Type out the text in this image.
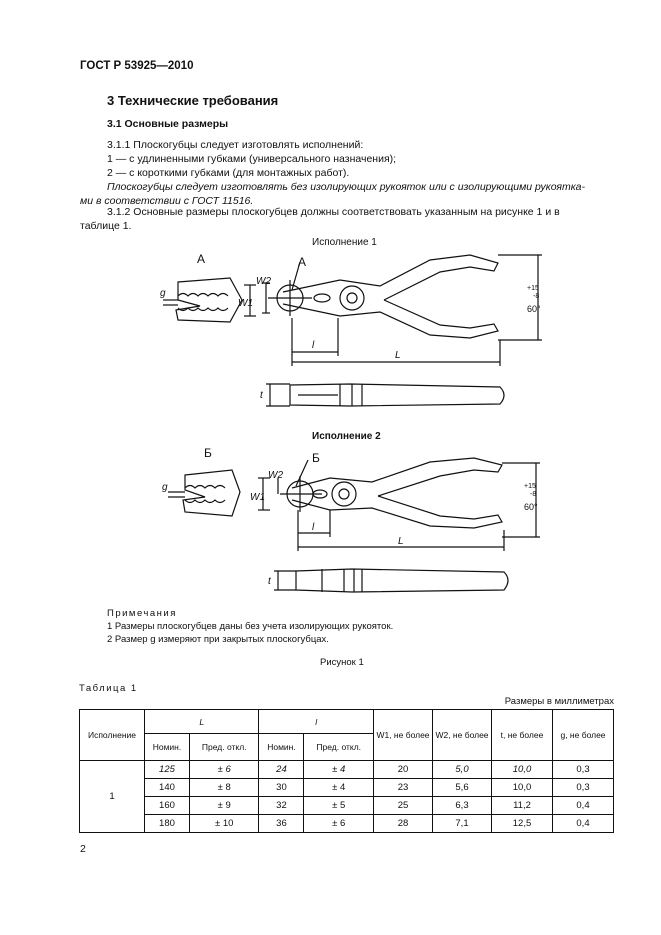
ГОСТ Р 53925—2010
3 Технические требования
3.1 Основные размеры
3.1.1 Плоскогубцы следует изготовлять исполнений:
1 — с удлиненными губками (универсального назначения);
2 — с короткими губками (для монтажных работ).
Плоскогубцы следует изготовлять без изолирующих рукояток или с изолирующими рукоятка-
ми в соответствии с ГОСТ 11516.
3.1.2 Основные размеры плоскогубцев должны соответствовать указанным на рисунке 1 и в
таблице 1.
Исполнение 1
А	А
g
W1
W2
l
L
t
60°
+15
-8
Исполнение 2
Б	Б
g
W1
W2
l
L
t
60°
+15
-8
Примечания
1 Размеры плоскогубцев даны без учета изолирующих рукояток.
2 Размер g измеряют при закрытых плоскогубцах.
Рисунок 1
Таблица 1
Размеры в миллиметрах
Исполнение	L		l		W1, не более	W2, не более	t, не более	g, не более
	Номин.	Пред. откл.	Номин.	Пред. откл.				
1	125	± 6	24	± 4	20	5,0	10,0	0,3
	140	± 8	30	± 4	23	5,6	10,0	0,3
	160	± 9	32	± 5	25	6,3	11,2	0,4
	180	± 10	36	± 6	28	7,1	12,5	0,4
2
